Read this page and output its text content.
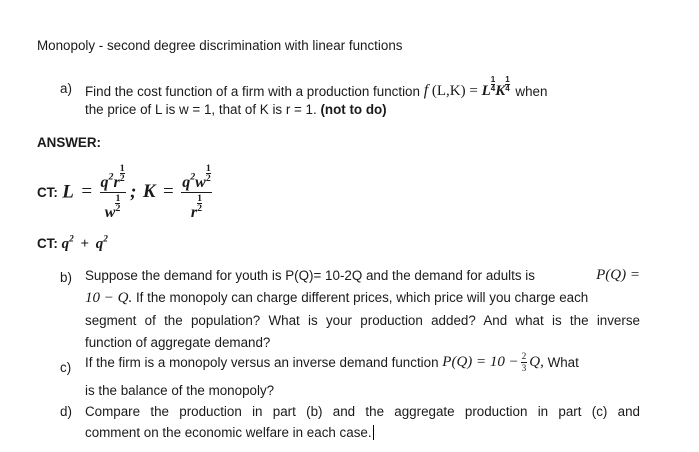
Monopoly - second degree discrimination with linear functions
a) Find the cost function of a firm with a production function f (L,K) = L $\frac{1}{4}$ K $\frac{1}{4}$ when
the price of L is w = 1, that of K is r = 1. (not to do)
ANSWER:
CT: $L = \frac{q^2r \frac{1}{2}}{w \frac{1}{2}}$ ; $K = \frac{q^2w \frac{1}{2}}{r \frac{1}{2}}$
CT: $q^2 + q^2$
b) Suppose the demand for youth is P(Q)= 10-2Q and the demand for adults is	P(Q) =
10 − Q. If the monopoly can charge different prices, which price will you charge each
segment of the population? What is your production added? And what is the inverse
function of aggregate demand?
c) If the firm is a monopoly versus an inverse demand function $P(Q) = 10 - \frac{2}{3} Q$, What
is the balance of the monopoly?
d) Compare the production in part (b) and the aggregate production in part (c) and
comment on the economic welfare in each case.
